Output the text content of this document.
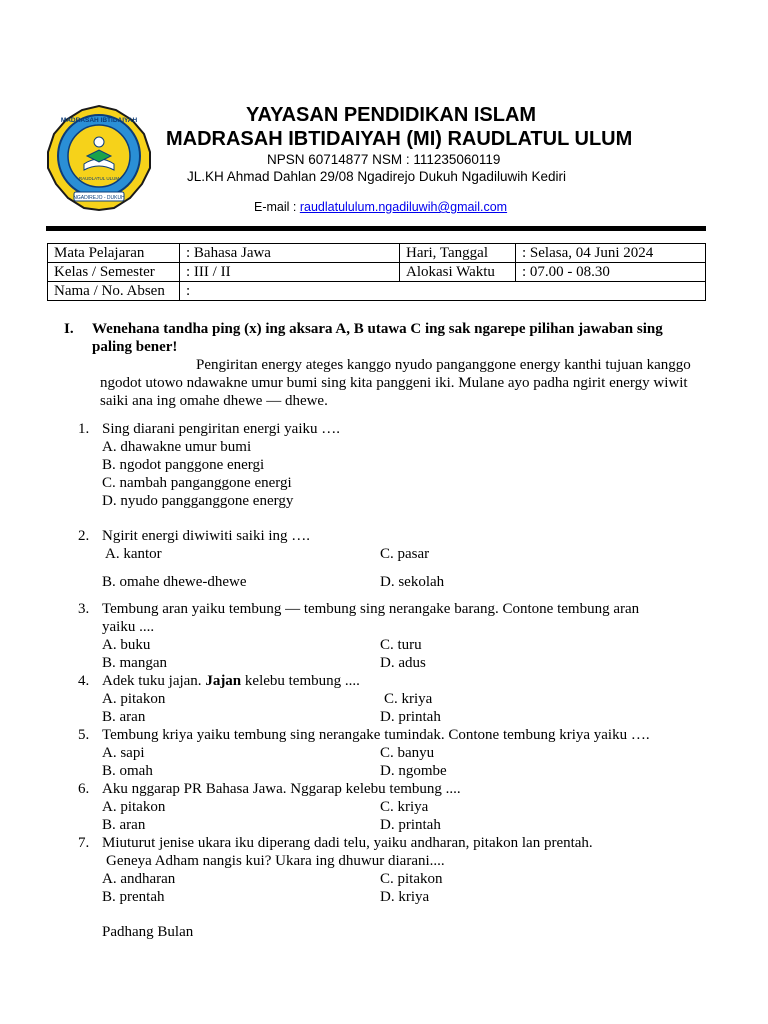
MADRASAH IBTIDAIYAH
RAUDLATUL ULUM
NGADIREJO - DUKUH
YAYASAN PENDIDIKAN ISLAM
MADRASAH IBTIDAIYAH (MI) RAUDLATUL ULUM
NPSN 60714877 NSM : 111235060119
JL.KH Ahmad Dahlan 29/08 Ngadirejo Dukuh Ngadiluwih Kediri
E-mail : raudlatululum.ngadiluwih@gmail.com
Mata Pelajaran	: Bahasa Jawa	Hari, Tanggal	: Selasa, 04 Juni 2024
Kelas / Semester	: III / II	Alokasi Waktu	: 07.00 - 08.30
Nama / No. Absen	:		
I. Wenehana tandha ping (x) ing aksara A, B utawa C ing sak ngarepe pilihan jawaban sing
paling bener!
Pengiritan energy ateges kanggo nyudo panganggone energy kanthi tujuan kanggo
ngodot utowo ndawakne umur bumi sing kita panggeni iki. Mulane ayo padha ngirit energy wiwit
saiki ana ing omahe dhewe — dhewe.
1. Sing diarani pengiritan energi yaiku ….
A. dhawakne umur bumi
B. ngodot panggone energi
C. nambah panganggone energi
D. nyudo pangganggone energy
2. Ngirit energi diwiwiti saiki ing ….
A. kantor	C. pasar
B. omahe dhewe-dhewe	D. sekolah
3. Tembung aran yaiku tembung — tembung sing nerangake barang. Contone tembung aran
yaiku ....
A. buku	C. turu
B. mangan	D. adus
4. Adek tuku jajan. Jajan kelebu tembung ....
A. pitakon	C. kriya
B. aran	D. printah
5. Tembung kriya yaiku tembung sing nerangake tumindak. Contone tembung kriya yaiku ….
A. sapi	C. banyu
B. omah	D. ngombe
6. Aku nggarap PR Bahasa Jawa. Nggarap kelebu tembung ....
A. pitakon	C. kriya
B. aran	D. printah
7. Miuturut jenise ukara iku diperang dadi telu, yaiku andharan, pitakon lan prentah.
Geneya Adham nangis kui? Ukara ing dhuwur diarani....
A. andharan	C. pitakon
B. prentah	D. kriya
Padhang Bulan
